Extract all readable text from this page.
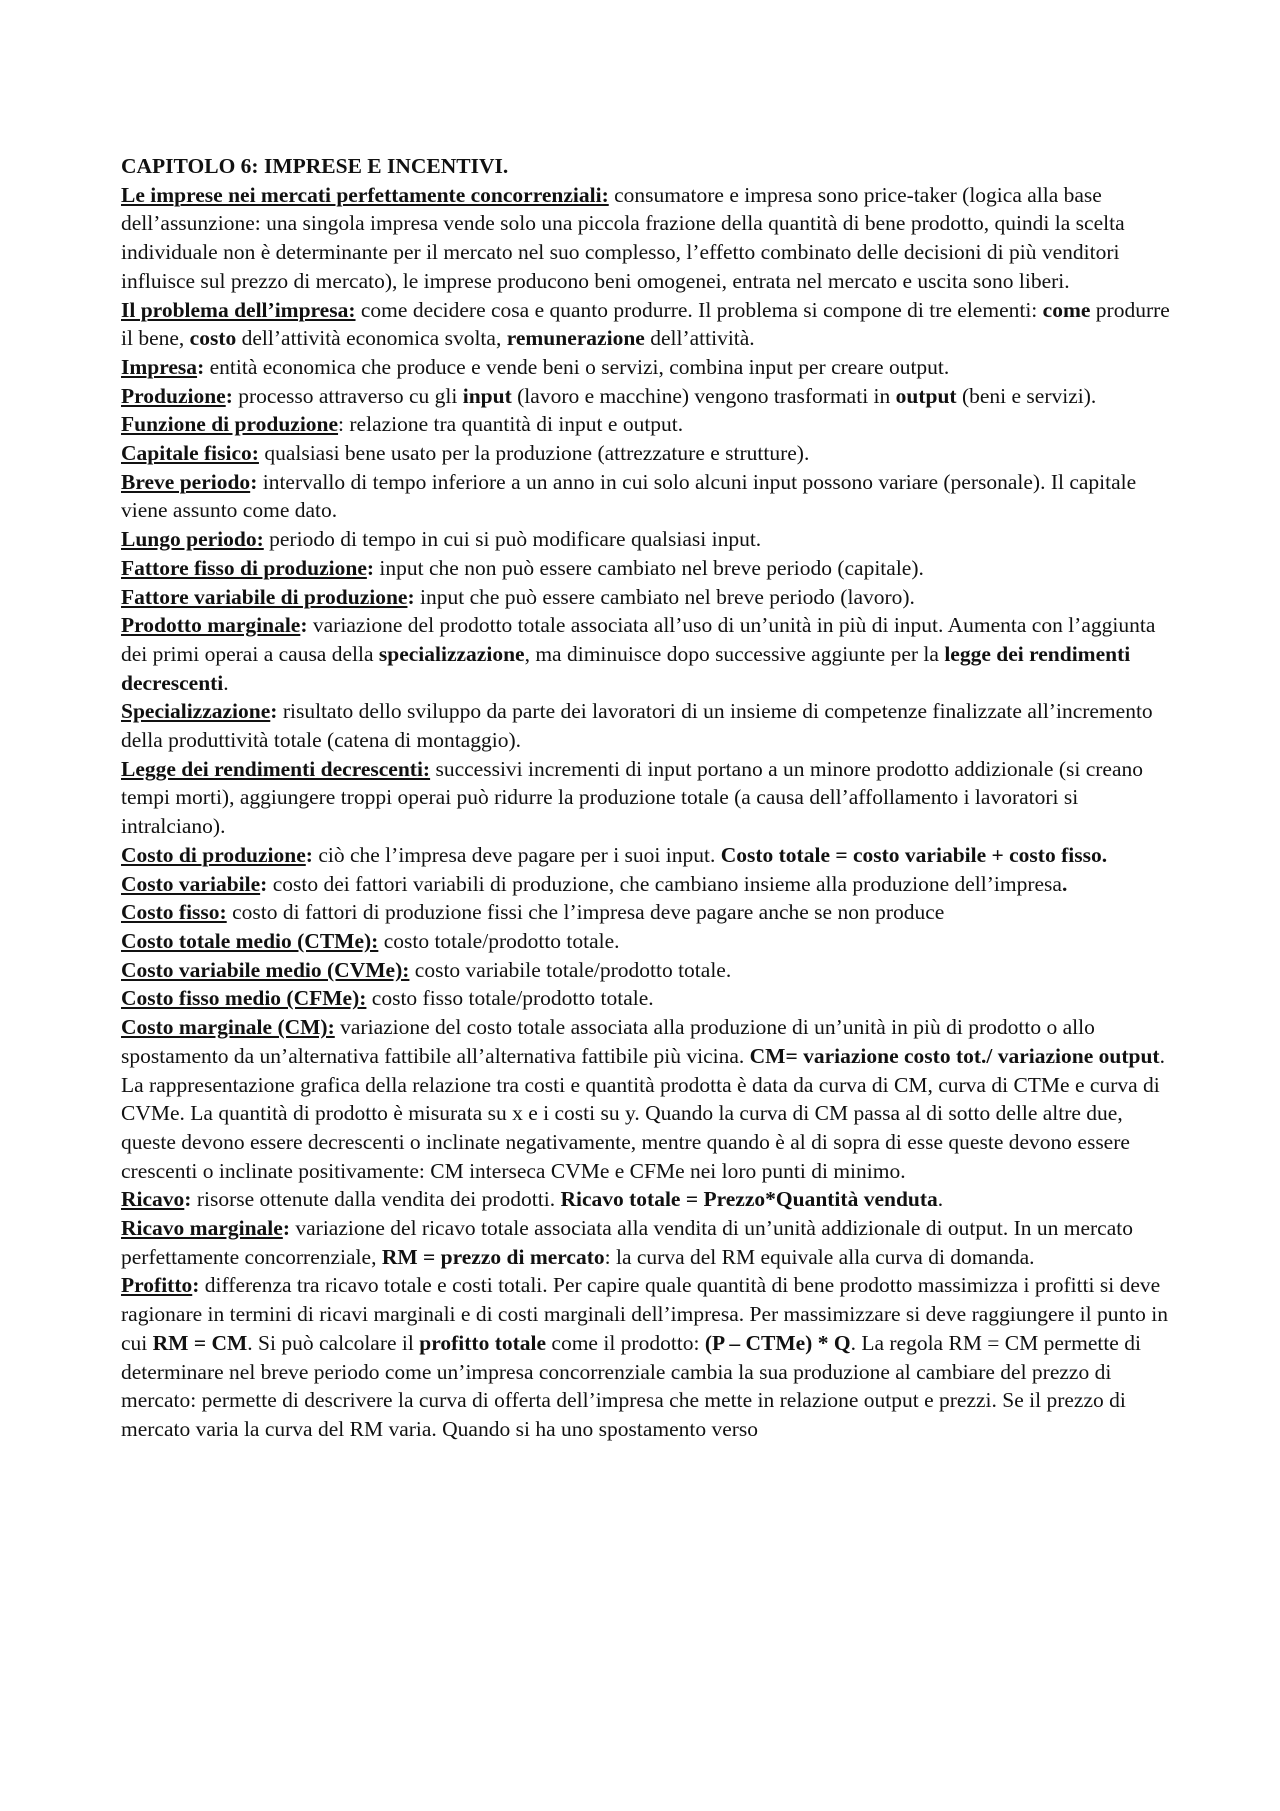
CAPITOLO 6: IMPRESE E INCENTIVI.

Le imprese nei mercati perfettamente concorrenziali: consumatore e impresa sono price-taker (logica alla base dell’assunzione: una singola impresa vende solo una piccola frazione della quantità di bene prodotto, quindi la scelta individuale non è determinante per il mercato nel suo complesso, l’effetto combinato delle decisioni di più venditori influisce sul prezzo di mercato), le imprese producono beni omogenei, entrata nel mercato e uscita sono liberi.

Il problema dell’impresa: come decidere cosa e quanto produrre. Il problema si compone di tre elementi: come produrre il bene, costo dell’attività economica svolta, remunerazione dell’attività.

Impresa: entità economica che produce e vende beni o servizi, combina input per creare output.

Produzione: processo attraverso cu gli input (lavoro e macchine) vengono trasformati in output (beni e servizi).

Funzione di produzione: relazione tra quantità di input e output.

Capitale fisico: qualsiasi bene usato per la produzione (attrezzature e strutture).

Breve periodo: intervallo di tempo inferiore a un anno in cui solo alcuni input possono variare (personale). Il capitale viene assunto come dato.

Lungo periodo: periodo di tempo in cui si può modificare qualsiasi input.

Fattore fisso di produzione: input che non può essere cambiato nel breve periodo (capitale).

Fattore variabile di produzione: input che può essere cambiato nel breve periodo (lavoro).

Prodotto marginale: variazione del prodotto totale associata all’uso di un’unità in più di input. Aumenta con l’aggiunta dei primi operai a causa della specializzazione, ma diminuisce dopo successive aggiunte per la legge dei rendimenti decrescenti.

Specializzazione: risultato dello sviluppo da parte dei lavoratori di un insieme di competenze finalizzate all’incremento della produttività totale (catena di montaggio).

Legge dei rendimenti decrescenti: successivi incrementi di input portano a un minore prodotto addizionale (si creano tempi morti), aggiungere troppi operai può ridurre la produzione totale (a causa dell’affollamento i lavoratori si intralciano).

Costo di produzione: ciò che l’impresa deve pagare per i suoi input. Costo totale = costo variabile + costo fisso.

Costo variabile: costo dei fattori variabili di produzione, che cambiano insieme alla produzione dell’impresa.

Costo fisso: costo di fattori di produzione fissi che l’impresa deve pagare anche se non produce

Costo totale medio (CTMe): costo totale/prodotto totale.

Costo variabile medio (CVMe): costo variabile totale/prodotto totale.

Costo fisso medio (CFMe): costo fisso totale/prodotto totale.

Costo marginale (CM): variazione del costo totale associata alla produzione di un’unità in più di prodotto o allo spostamento da un’alternativa fattibile all’alternativa fattibile più vicina. CM= variazione costo tot./ variazione output. La rappresentazione grafica della relazione tra costi e quantità prodotta è data da curva di CM, curva di CTMe e curva di CVMe. La quantità di prodotto è misurata su x e i costi su y. Quando la curva di CM passa al di sotto delle altre due, queste devono essere decrescenti o inclinate negativamente, mentre quando è al di sopra di esse queste devono essere crescenti o inclinate positivamente: CM interseca CVMe e CFMe nei loro punti di minimo.

Ricavo: risorse ottenute dalla vendita dei prodotti. Ricavo totale = Prezzo*Quantità venduta.

Ricavo marginale: variazione del ricavo totale associata alla vendita di un’unità addizionale di output. In un mercato perfettamente concorrenziale, RM = prezzo di mercato: la curva del RM equivale alla curva di domanda.

Profitto: differenza tra ricavo totale e costi totali. Per capire quale quantità di bene prodotto massimizza i profitti si deve ragionare in termini di ricavi marginali e di costi marginali dell’impresa. Per massimizzare si deve raggiungere il punto in cui RM = CM. Si può calcolare il profitto totale come il prodotto: (P – CTMe) * Q. La regola RM = CM permette di determinare nel breve periodo come un’impresa concorrenziale cambia la sua produzione al cambiare del prezzo di mercato: permette di descrivere la curva di offerta dell’impresa che mette in relazione output e prezzi. Se il prezzo di mercato varia la curva del RM varia. Quando si ha uno spostamento verso
